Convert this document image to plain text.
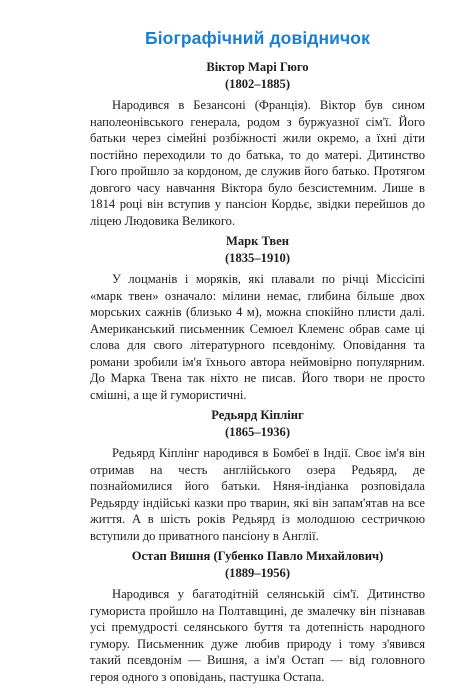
Біографічний довідничок

Віктор Марі Гюго

(1802–1885)

Народився в Безансоні (Франція). Віктор був сином наполеонівського генерала, родом з буржуазної сім'ї. Його батьки через сімейні розбіжності жили окремо, а їхні діти постійно переходили то до батька, то до матері. Дитинство Гюго пройшло за кордоном, де служив його батько. Протягом довгого часу навчання Віктора було безсистемним. Лише в 1814 році він вступив у пансіон Кордьє, звідки перейшов до ліцею Людовика Великого.

Марк Твен

(1835–1910)

У лоцманів і моряків, які плавали по річці Міссісіпі «марк твен» означало: мілини немає, глибина більше двох морських сажнів (близько 4 м), можна спокійно плисти далі. Американський письменник Семюел Клеменс обрав саме ці слова для свого літературного псевдоніму. Оповідання та романи зробили ім'я їхнього автора неймовірно популярним. До Марка Твена так ніхто не писав. Його твори не просто смішні, а ще й гумористичні.

Редьярд Кіплінг

(1865–1936)

Редьярд Кіплінг народився в Бомбеї в Індії. Своє ім'я він отримав на честь англійського озера Редьярд, де познайомилися його батьки. Няня-індіанка розповідала Редьярду індійські казки про тварин, які він запам'ятав на все життя. А в шість років Редьярд із молодшою сестричкою вступили до приватного пансіону в Англії.

Остап Вишня (Губенко Павло Михайлович)

(1889–1956)

Народився у багатодітній селянській сім'ї. Дитинство гумориста пройшло на Полтавщині, де змалечку він пізнавав усі премудрості селянського буття та дотепність народного гумору. Письменник дуже любив природу і тому з'явився такий псевдонім — Вишня, а ім'я Остап — від головного героя одного з оповідань, пастушка Остапа.
